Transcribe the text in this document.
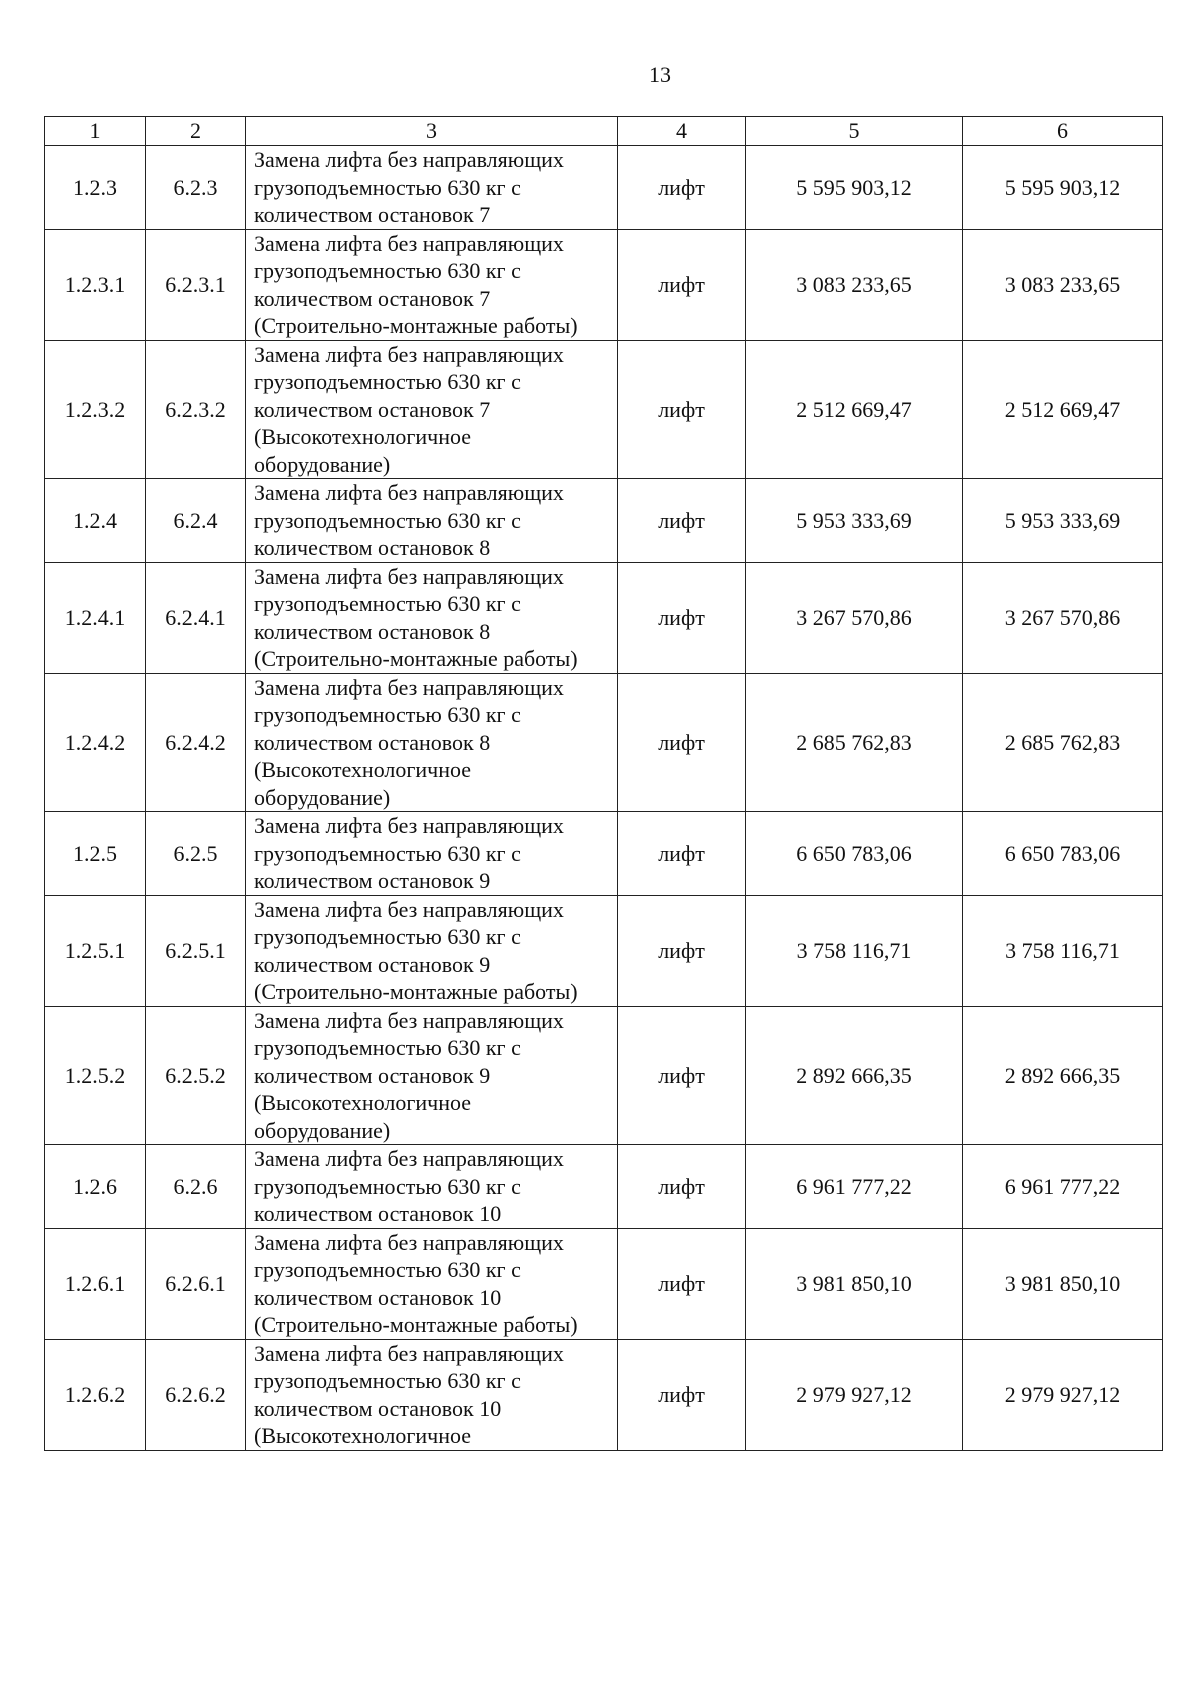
13
1	2	3	4	5	6
1.2.3	6.2.3	Замена лифта без направляющих грузоподъемностью 630 кг с количеством остановок 7	лифт	5 595 903,12	5 595 903,12
1.2.3.1	6.2.3.1	Замена лифта без направляющих грузоподъемностью 630 кг с количеством остановок 7 (Строительно-монтажные работы)	лифт	3 083 233,65	3 083 233,65
1.2.3.2	6.2.3.2	Замена лифта без направляющих грузоподъемностью 630 кг с количеством остановок 7 (Высокотехнологичное оборудование)	лифт	2 512 669,47	2 512 669,47
1.2.4	6.2.4	Замена лифта без направляющих грузоподъемностью 630 кг с количеством остановок 8	лифт	5 953 333,69	5 953 333,69
1.2.4.1	6.2.4.1	Замена лифта без направляющих грузоподъемностью 630 кг с количеством остановок 8 (Строительно-монтажные работы)	лифт	3 267 570,86	3 267 570,86
1.2.4.2	6.2.4.2	Замена лифта без направляющих грузоподъемностью 630 кг с количеством остановок 8 (Высокотехнологичное оборудование)	лифт	2 685 762,83	2 685 762,83
1.2.5	6.2.5	Замена лифта без направляющих грузоподъемностью 630 кг с количеством остановок 9	лифт	6 650 783,06	6 650 783,06
1.2.5.1	6.2.5.1	Замена лифта без направляющих грузоподъемностью 630 кг с количеством остановок 9 (Строительно-монтажные работы)	лифт	3 758 116,71	3 758 116,71
1.2.5.2	6.2.5.2	Замена лифта без направляющих грузоподъемностью 630 кг с количеством остановок 9 (Высокотехнологичное оборудование)	лифт	2 892 666,35	2 892 666,35
1.2.6	6.2.6	Замена лифта без направляющих грузоподъемностью 630 кг с количеством остановок 10	лифт	6 961 777,22	6 961 777,22
1.2.6.1	6.2.6.1	Замена лифта без направляющих грузоподъемностью 630 кг с количеством остановок 10 (Строительно-монтажные работы)	лифт	3 981 850,10	3 981 850,10
1.2.6.2	6.2.6.2	Замена лифта без направляющих грузоподъемностью 630 кг с количеством остановок 10 (Высокотехнологичное	лифт	2 979 927,12	2 979 927,12
